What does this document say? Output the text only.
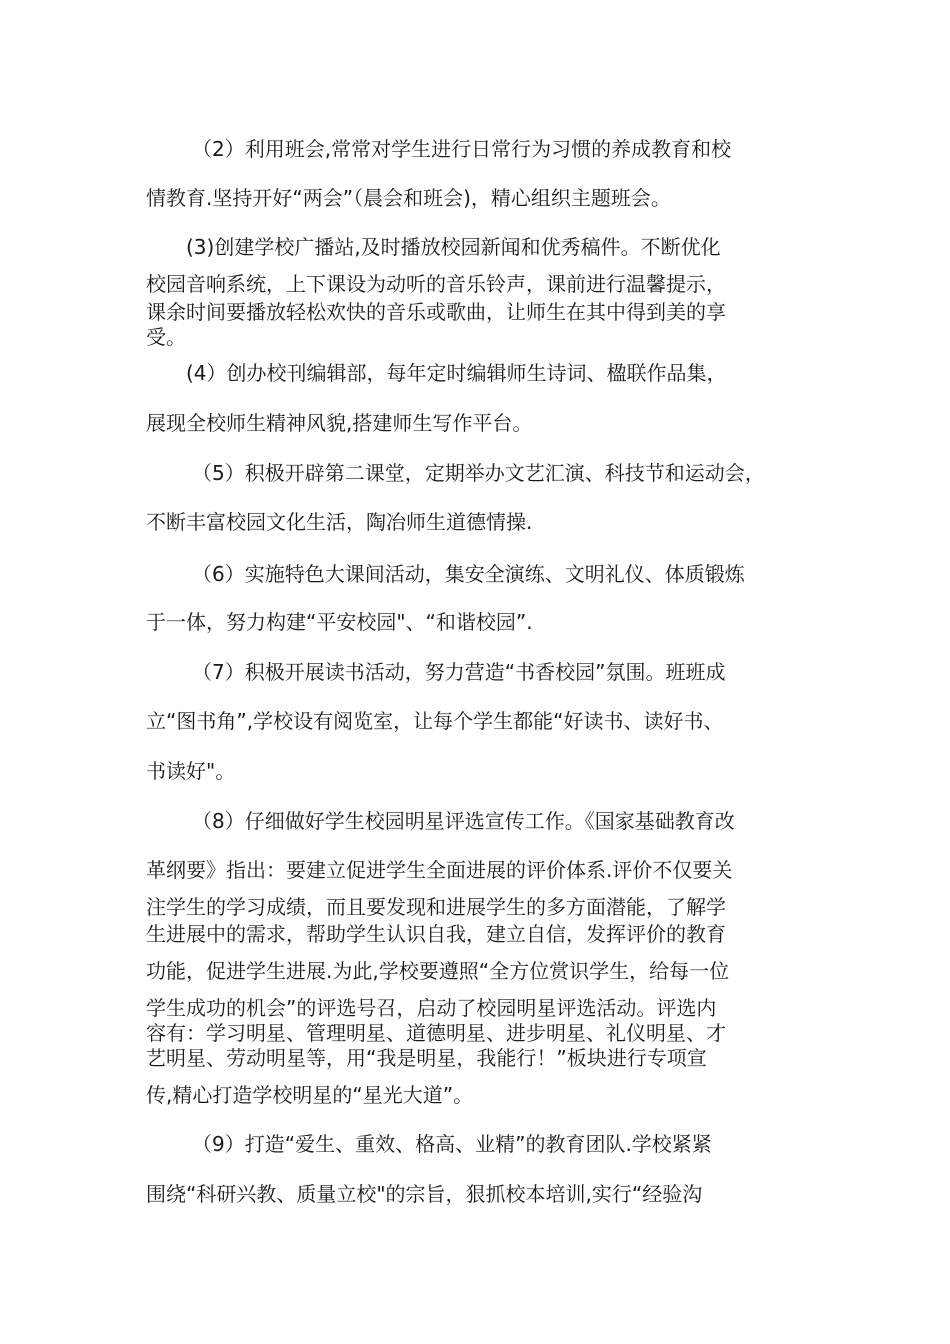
（2）利用班会,常常对学生进行日常行为习惯的养成教育和校
情教育.坚持开好“两会”（晨会和班会)，精心组织主题班会。
(3)创建学校广播站,及时播放校园新闻和优秀稿件。不断优化
校园音响系统，上下课设为动听的音乐铃声，课前进行温馨提示，
课余时间要播放轻松欢快的音乐或歌曲，让师生在其中得到美的享
受。
(4）创办校刊编辑部，每年定时编辑师生诗词、楹联作品集，
展现全校师生精神风貌,搭建师生写作平台。
（5）积极开辟第二课堂，定期举办文艺汇演、科技节和运动会，
不断丰富校园文化生活，陶冶师生道德情操.
（6）实施特色大课间活动，集安全演练、文明礼仪、体质锻炼
于一体，努力构建“平安校园"、“和谐校园”.
（7）积极开展读书活动，努力营造“书香校园”氛围。班班成
立“图书角”,学校设有阅览室，让每个学生都能“好读书、读好书、
书读好"。
（8）仔细做好学生校园明星评选宣传工作。《国家基础教育改
革纲要》指出：要建立促进学生全面进展的评价体系.评价不仅要关
注学生的学习成绩，而且要发现和进展学生的多方面潜能，了解学
生进展中的需求，帮助学生认识自我，建立自信，发挥评价的教育
功能，促进学生进展.为此,学校要遵照“全方位赏识学生，给每一位
学生成功的机会”的评选号召，启动了校园明星评选活动。评选内
容有：学习明星、管理明星、道德明星、进步明星、礼仪明星、才
艺明星、劳动明星等，用“我是明星，我能行！”板块进行专项宣
传,精心打造学校明星的“星光大道”。
（9）打造“爱生、重效、格高、业精”的教育团队.学校紧紧
围绕“科研兴教、质量立校"的宗旨，狠抓校本培训,实行“经验沟
